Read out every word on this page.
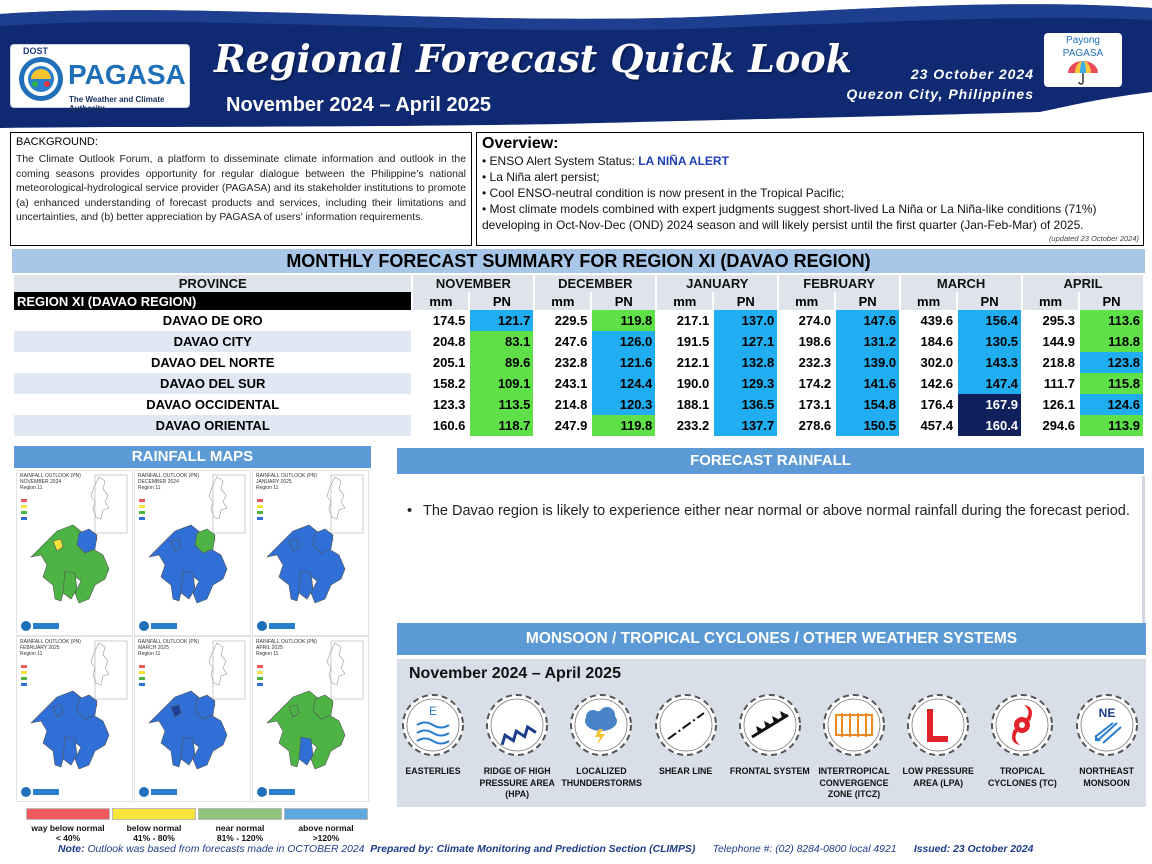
DOST
PAGASA
The Weather and Climate Authority
Regional Forecast Quick Look
November 2024 – April 2025
23 October 2024
Quezon City, Philippines
Payong
PAGASA
BACKGROUND:

The Climate Outlook Forum, a platform to disseminate climate information and outlook in the coming seasons provides opportunity for regular dialogue between the Philippine’s national meteorological-hydrological service provider (PAGASA) and its stakeholder institutions to promote (a) enhanced understanding of forecast products and services, including their limitations and uncertainties, and (b) better appreciation by PAGASA of users’ information requirements.

Overview:
• ENSO Alert System Status: LA NIÑA ALERT
• La Niña alert persist;
• Cool ENSO-neutral condition is now present in the Tropical Pacific;
• Most climate models combined with expert judgments suggest short-lived La Niña or La Niña-like conditions (71%) developing in Oct-Nov-Dec (OND) 2024 season and will likely persist until the first quarter (Jan-Feb-Mar) of 2025.
(updated 23 October 2024)
MONTHLY FORECAST SUMMARY FOR REGION XI (DAVAO REGION)
PROVINCE	NOVEMBER		DECEMBER		JANUARY		FEBRUARY		MARCH		APRIL	
REGION XI (DAVAO REGION)	mm	PN	mm	PN	mm	PN	mm	PN	mm	PN	mm	PN
DAVAO DE ORO	174.5	121.7	229.5	119.8	217.1	137.0	274.0	147.6	439.6	156.4	295.3	113.6
DAVAO CITY	204.8	83.1	247.6	126.0	191.5	127.1	198.6	131.2	184.6	130.5	144.9	118.8
DAVAO DEL NORTE	205.1	89.6	232.8	121.6	212.1	132.8	232.3	139.0	302.0	143.3	218.8	123.8
DAVAO DEL SUR	158.2	109.1	243.1	124.4	190.0	129.3	174.2	141.6	142.6	147.4	111.7	115.8
DAVAO OCCIDENTAL	123.3	113.5	214.8	120.3	188.1	136.5	173.1	154.8	176.4	167.9	126.1	124.6
DAVAO ORIENTAL	160.6	118.7	247.9	119.8	233.2	137.7	278.6	150.5	457.4	160.4	294.6	113.9
RAINFALL MAPS
RAINFALL OUTLOOK (PN)
NOVEMBER 2024
Region 11
RAINFALL OUTLOOK (PN)
DECEMBER 2024
Region 11
RAINFALL OUTLOOK (PN)
JANUARY 2025
Region 11
RAINFALL OUTLOOK (PN)
FEBRUARY 2025
Region 11
RAINFALL OUTLOOK (PN)
MARCH 2025
Region 11
RAINFALL OUTLOOK (PN)
APRIL 2025
Region 11
way below normal
< 40%
below normal
41% - 80%
near normal
81% - 120%
above normal
>120%
FORECAST RAINFALL
• The Davao region is likely to experience either near normal or above normal rainfall during the forecast period.
MONSOON / TROPICAL CYCLONES / OTHER WEATHER SYSTEMS
November 2024 – April 2025
E
EASTERLIES	RIDGE OF HIGH PRESSURE AREA (HPA)
LOCALIZED THUNDERSTORMS
SHEAR LINE	FRONTAL SYSTEM INTERTROPICAL CONVERGENCE ZONE (ITCZ)
LOW PRESSURE AREA (LPA)
TROPICAL CYCLONES (TC)
NE
NORTHEAST MONSOON
Note: Outlook was based from forecasts made in OCTOBER 2024 Prepared by: Climate Monitoring and Prediction Section (CLIMPS) Telephone #: (02) 8284-0800 local 4921 Issued: 23 October 2024
